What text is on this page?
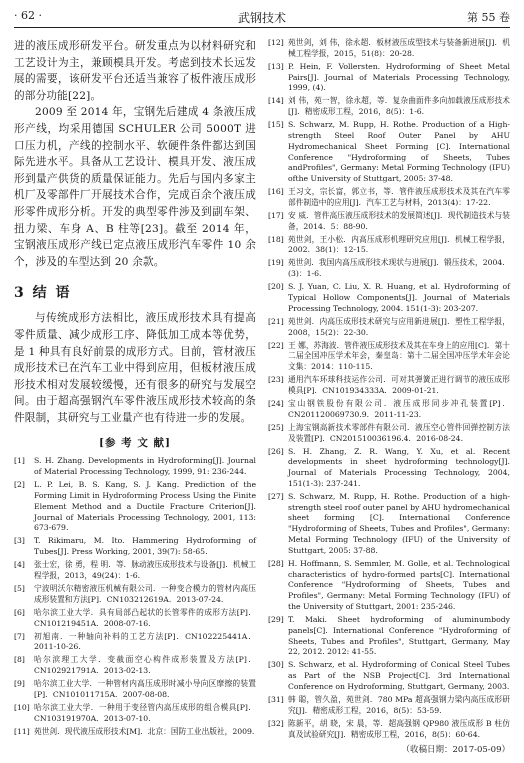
· 62 ·	武钢技术	第 55 卷

进的液压成形研发平台。研发重点为以材料研究和工艺设计为主，兼顾模具开发。考虑到技术长远发展的需要，该研发平台还适当兼容了板件液压成形的部分功能[22]。

2009 至 2014 年，宝钢先后建成 4 条液压成形产线，均采用德国 SCHULER 公司 5000T 进口压力机，产线的控制水平、软硬件条件都达到国际先进水平。具备从工艺设计、模具开发、液压成形到量产供货的质量保证能力。先后与国内多家主机厂及零部件厂开展技术合作，完成百余个液压成形零件成形分析。开发的典型零件涉及到副车架、扭力梁、车身 A、B 柱等[23]。截至 2014 年，宝钢液压成形产线已定点液压成形汽车零件 10 余个，涉及的车型达到 20 余款。

3 结 语

与传统成形方法相比，液压成形技术具有提高零件质量、减少成形工序、降低加工成本等优势，是 1 种具有良好前景的成形方式。目前，管材液压成形技术已在汽车工业中得到应用，但板材液压成形技术相对发展较缓慢，还有很多的研究与发展空间。由于超高强钢汽车零件液压成形技术较高的条件限制，其研究与工业量产也有待进一步的发展。

[参 考 文 献]
[1]	S. H. Zhang. Developments in Hydroforming[J]. Journal of Material Processing Technology, 1999, 91: 236-244.
[2]	L. P. Lei, B. S. Kang, S. J. Kang. Prediction of the Forming Limit in Hydroforming Process Using the Finite Element Method and a Ductile Fracture Criterion[J]. Journal of Materials Processing Technology, 2001, 113: 673-679.
[3]	T. Rikimaru, M. Ito. Hammering Hydroforming of Tubes[J]. Press Working, 2001, 39(7): 58-65.
[4]	张士宏，徐 勇，程 明．等．脉动液压成形技术与设备[J]．机械工程学报，2013，49(24)：1-6.
[5]	宁波明沃尔精密液压机械有限公司．一种变合模力的管材内高压成形装置和方法[P]．CN103212619A．2013-07-24.
[6]	哈尔滨工业大学．具有局部凸起状的长管零件的成形方法[P]．CN101219451A．2008-07-16.
[7]	初旭南．一种轴向补料的工艺方法[P]．CN102225441A．2011-10-26.
[8]	哈尔滨理工大学．变截面空心构件成形装置及方法[P]．CN102921791A．2013-02-13.
[9]	哈尔滨工业大学．一种管材内高压成形时减小导向区摩擦的装置[P]．CN101011715A．2007-08-08.
[10] 哈尔滨工业大学．一种用于变径管内高压成形的组合模具[P]．CN103191970A．2013-07-10.
[11] 苑世剑．现代液压成形技术[M]．北京：国防工业出版社，2009.
[12] 苑世剑，刘 伟，徐永超．板材液压成型技术与装备新进展[J]．机械工程学报，2015，51(8)：20-28.
[13] P. Hein, F. Vollersten. Hydroforming of Sheet Metal Pairs[J]. Journal of Materials Processing Technology, 1999, (4).
[14] 刘 伟，苑一智，徐永超，等．复杂曲面件多向加载液压成形技术[J]．精密成形工程，2016，8(5)：1-6.
[15] S. Schwarz, M. Rupp, H. Rothe. Production of a High-strength Steel Roof Outer Panel by AHU Hydromechanical Sheet Forming [C]. International Conference "Hydroforming of Sheets, Tubes andProfiles", Germany: Metal Forming Technology (IFU) ofthe University of Stuttgart, 2005: 37-48.
[16] 王习文，宗长富，郭立书，等．管件液压成形技术及其在汽车零部件制造中的应用[J]．汽车工艺与材料，2013(4)：17-22.
[17] 安 威．管件高压液压成形技术的发展简述[J]．现代制造技术与装备，2014．5：88-90.
[18] 苑世剑，王小松．内高压成形机理研究应用[J]．机械工程学报，2002．38(1)：12-15.
[19] 苑世剑．我国内高压成形技术现状与进展[J]．锻压技术，2004．(3)：1-6.
[20] S. J. Yuan, C. Liu, X. R. Huang, et al. Hydroforming of Typical Hollow Components[J]. Journal of Materials Processing Technology, 2004. 151(1-3): 203-207.
[21] 苑世剑．内高压成形技术研究与应用新进展[J]．塑性工程学报，2008，15(2)：22-30.
[22] 王 娜，苏海波．管件液压成形技术及其在车身上的应用[C]．第十二届全国冲压学术年会，秦皇岛：第十二届全国冲压学术年会论文集：2014：110-115.
[23] 通用汽车环球科技运作公司．可对其弹簧正进行调节的液压成形模具[P]．CN101934333A．2009-01-21.
[24] 宝山钢铁股份有限公司．液压成形同步冲孔装置[P]．CN201120069730.9．2011-11-23.
[25] 上海宝钢高新技术零部件有限公司．液压空心管件回弹控制方法及装置[P]．CN201510036196.4．2016-08-24.
[26] S. H. Zhang, Z. R. Wang, Y. Xu, et al. Recent developments in sheet hydroforming technology[J]. Journal of Materials Processing Technology, 2004, 151(1-3): 237-241.
[27] S. Schwarz, M. Rupp, H. Rothe. Production of a high-strength steel roof outer panel by AHU hydromechanical sheet forming [C]. International Conference "Hydroforming of Sheets, Tubes and Profiles", Germany: Metal Forming Technology (IFU) of the University of Stuttgart, 2005: 37-88.
[28] H. Hoffmann, S. Semmler, M. Golle, et al. Technological characteristics of hydro-formed parts[C]. International Conference "Hydroforming of Sheets, Tubes and Profiles", Germany: Metal Forming Technology (IFU) of the University of Stuttgart, 2001: 235-246.
[29] T. Maki. Sheet hydroforming of aluminumbody panels[C]. International Conference "Hydroforming of Sheets, Tubes and Profiles", Stuttgart, Germany, May 22, 2012. 2012: 41-55.
[30] S. Schwarz, et al. Hydroforming of Conical Steel Tubes as Part of the NSB Project[C]. 3rd International Conference on Hydroforming, Stuttgart, Germany, 2003.
[31] 韩 聪，管久盈，苑世剑．780 MPa 超高强钢力梁内高压成形研究[J]．精密成形工程，2016，8(5)：53-59.
[32] 陈新平，胡 晓，宋 晨，等．超高强钢 QP980 液压成形 B 柱仿真及试验研究[J]．精密成形工程，2016，8(5)：60-64.
（收稿日期：2017-05-09）
